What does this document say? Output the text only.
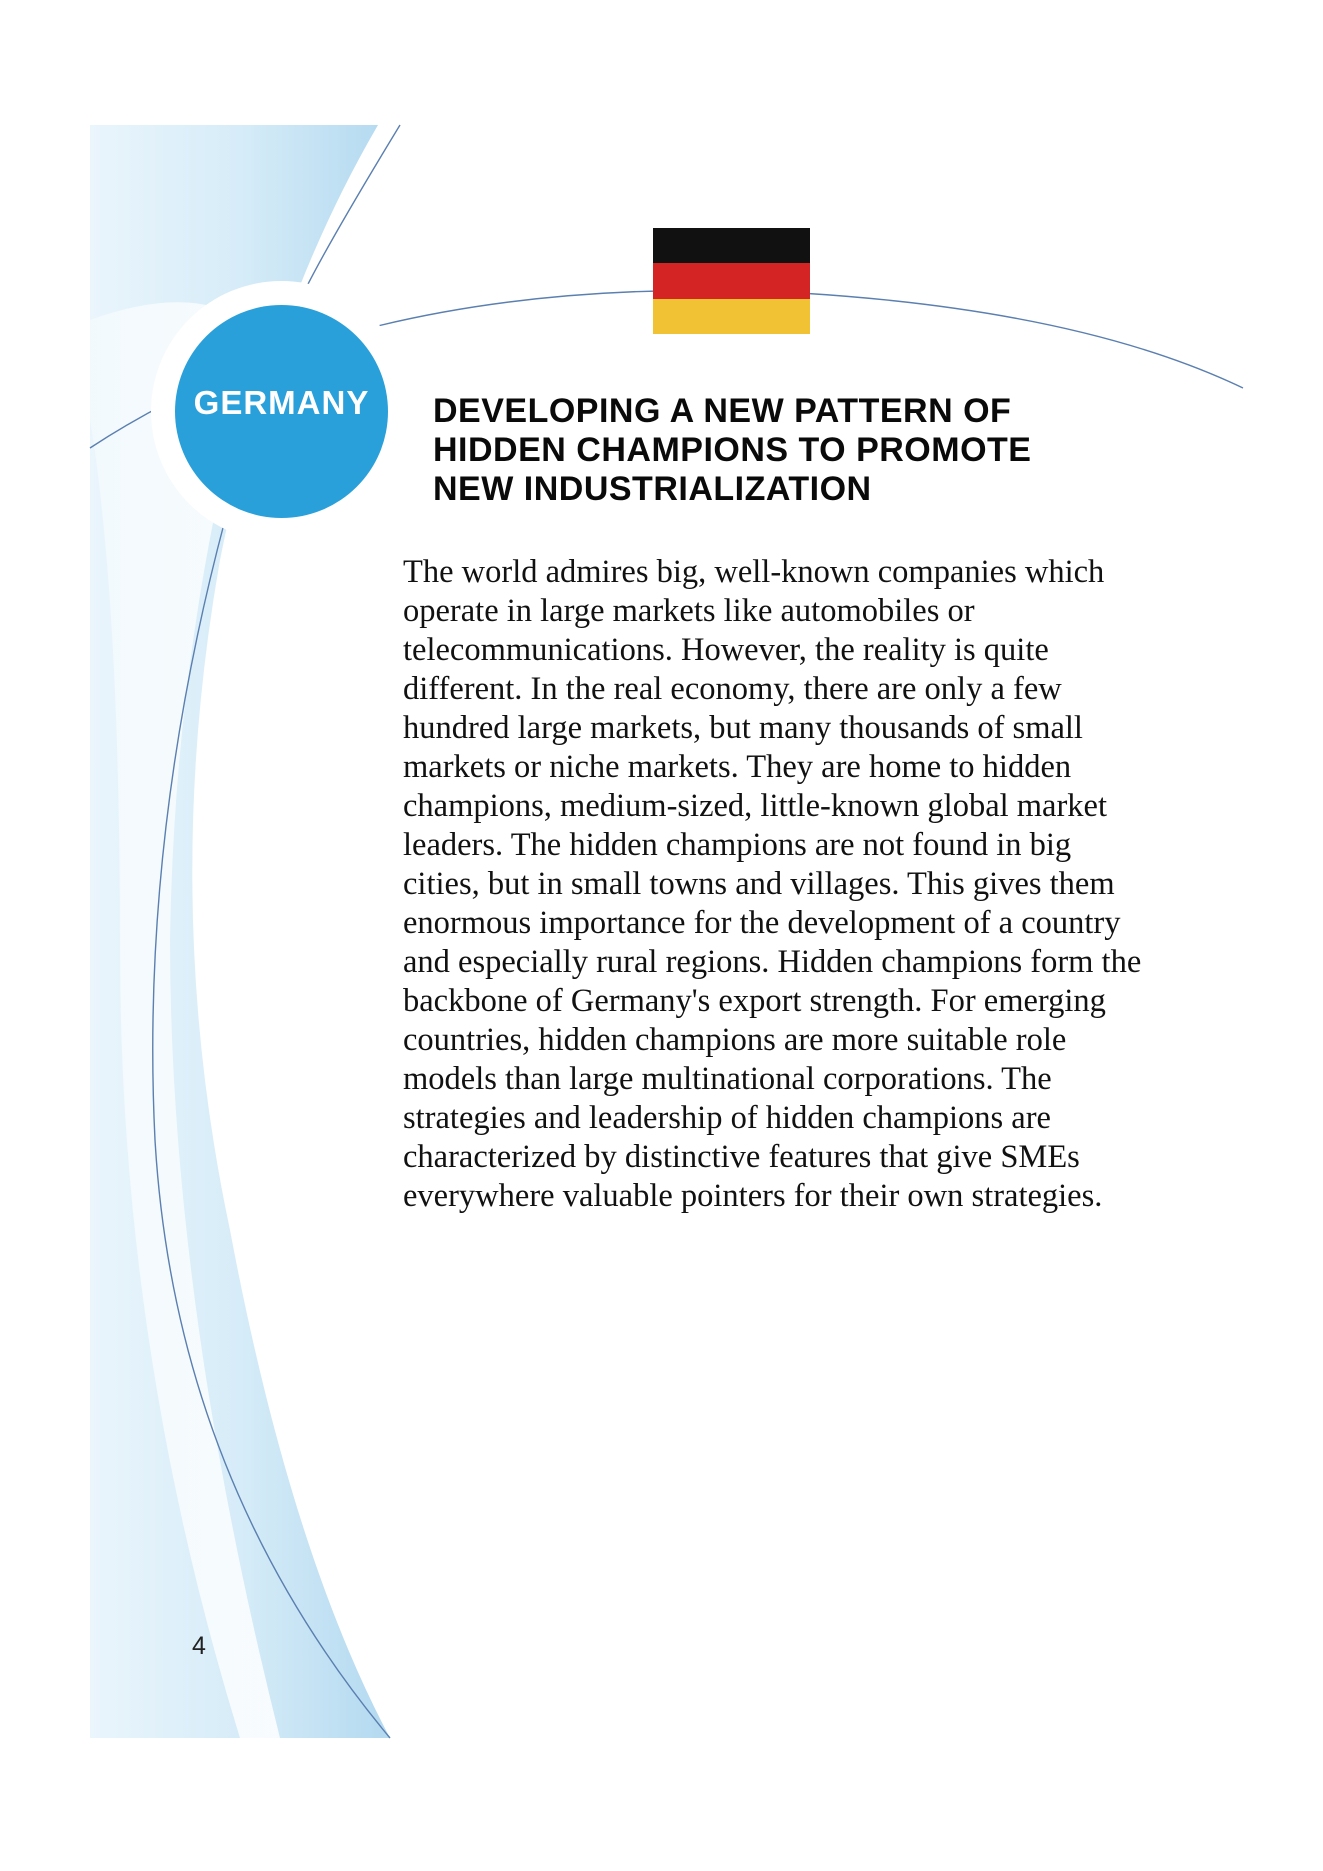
GERMANY DEVELOPING A NEW PATTERN OF
HIDDEN CHAMPIONS TO PROMOTE
NEW INDUSTRIALIZATION

The world admires big, well-known companies which
operate in large markets like automobiles or
telecommunications. However, the reality is quite
different. In the real economy, there are only a few
hundred large markets, but many thousands of small
markets or niche markets. They are home to hidden
champions, medium-sized, little-known global market
leaders. The hidden champions are not found in big
cities, but in small towns and villages. This gives them
enormous importance for the development of a country
and especially rural regions. Hidden champions form the
backbone of Germany's export strength. For emerging
countries, hidden champions are more suitable role
models than large multinational corporations. The
strategies and leadership of hidden champions are
characterized by distinctive features that give SMEs
everywhere valuable pointers for their own strategies.

4
